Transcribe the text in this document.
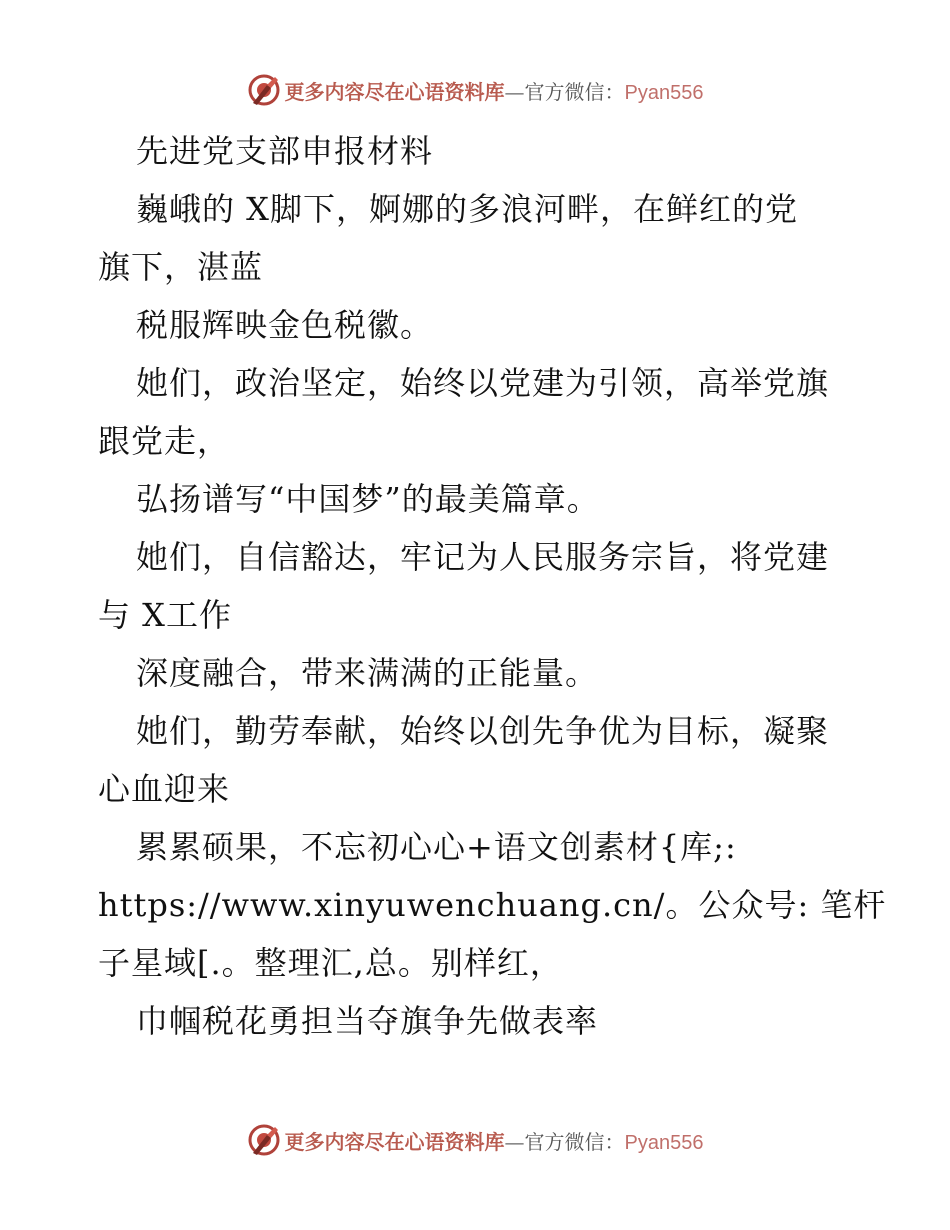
更多内容尽在心语资料库—官方微信：Pyan556
先进党支部申报材料
巍峨的 X脚下，婀娜的多浪河畔，在鲜红的党
旗下，湛蓝
税服辉映金色税徽。
她们，政治坚定，始终以党建为引领，高举党旗
跟党走，
弘扬谱写“中国梦”的最美篇章。
她们，自信豁达，牢记为人民服务宗旨，将党建
与 X工作
深度融合，带来满满的正能量。
她们，勤劳奉献，始终以创先争优为目标，凝聚
心血迎来
累累硕果，不忘初心心+语文创素材{库;:
https://www.xinyuwenchuang.cn/。公众号: 笔杆
子星域[.。整理汇,总。别样红，
巾帼税花勇担当夺旗争先做表率
更多内容尽在心语资料库—官方微信：Pyan556
